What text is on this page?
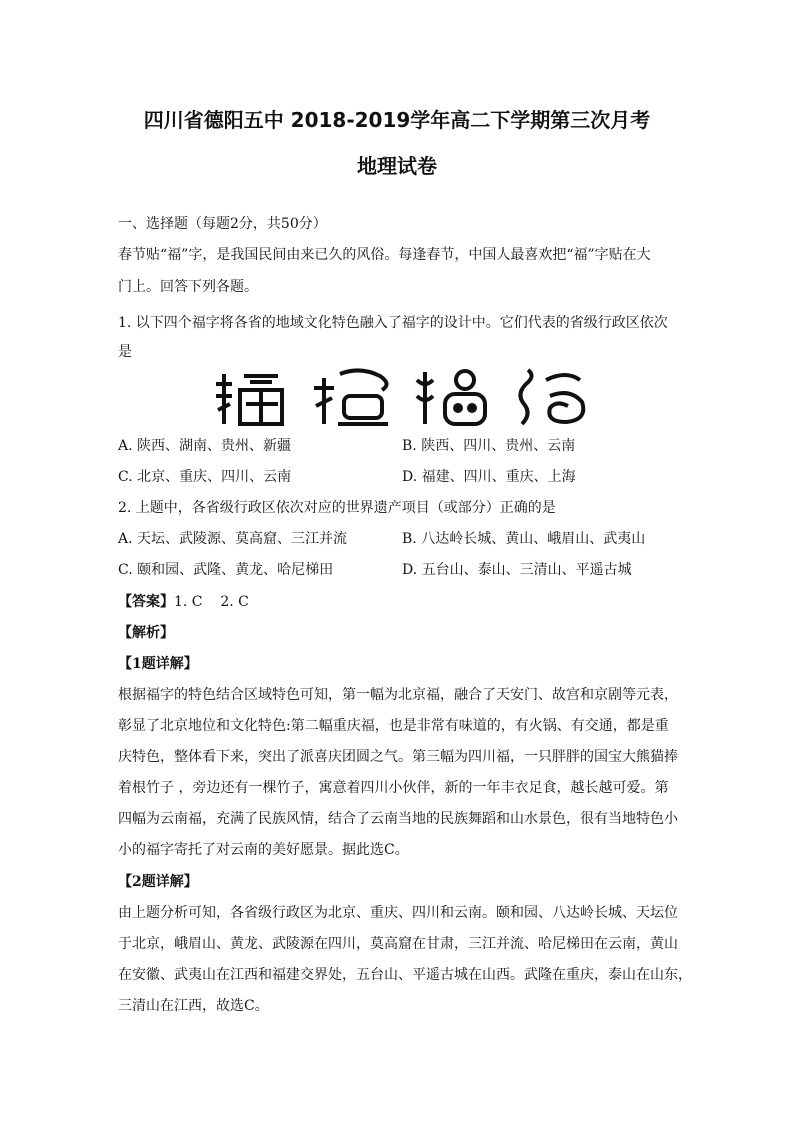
四川省德阳五中 2018-2019学年高二下学期第三次月考
地理试卷
一、选择题（每题2分，共50分）
春节贴“福”字，是我国民间由来已久的风俗。每逢春节，中国人最喜欢把“福”字贴在大
门上。回答下列各题。
1. 以下四个福字将各省的地域文化特色融入了福字的设计中。它们代表的省级行政区依次
是
A. 陕西、湖南、贵州、新疆	B. 陕西、四川、贵州、云南
C. 北京、重庆、四川、云南	D. 福建、四川、重庆、上海
2. 上题中，各省级行政区依次对应的世界遗产项目（或部分）正确的是
A. 天坛、武陵源、莫高窟、三江并流	B. 八达岭长城、黄山、峨眉山、武夷山
C. 颐和园、武隆、黄龙、哈尼梯田	D. 五台山、泰山、三清山、平遥古城
【答案】1. C    2. C
【解析】
【1题详解】
根据福字的特色结合区域特色可知，第一幅为北京福，融合了天安门、故宫和京剧等元表，
彰显了北京地位和文化特色:第二幅重庆福，也是非常有味道的，有火锅、有交通，都是重
庆特色，整体看下来，突出了派喜庆团圆之气。第三幅为四川福，一只胖胖的国宝大熊猫捧
着根竹子 ，旁边还有一棵竹子，寓意着四川小伙伴，新的一年丰衣足食，越长越可爱。第
四幅为云南福，充满了民族风情，结合了云南当地的民族舞蹈和山水景色，很有当地特色小
小的福字寄托了对云南的美好愿景。据此选C。
【2题详解】
由上题分析可知，各省级行政区为北京、重庆、四川和云南。颐和园、八达岭长城、天坛位
于北京，峨眉山、黄龙、武陵源在四川，莫高窟在甘肃，三江并流、哈尼梯田在云南，黄山
在安徽、武夷山在江西和福建交界处，五台山、平遥古城在山西。武隆在重庆，泰山在山东，
三清山在江西，故选C。
